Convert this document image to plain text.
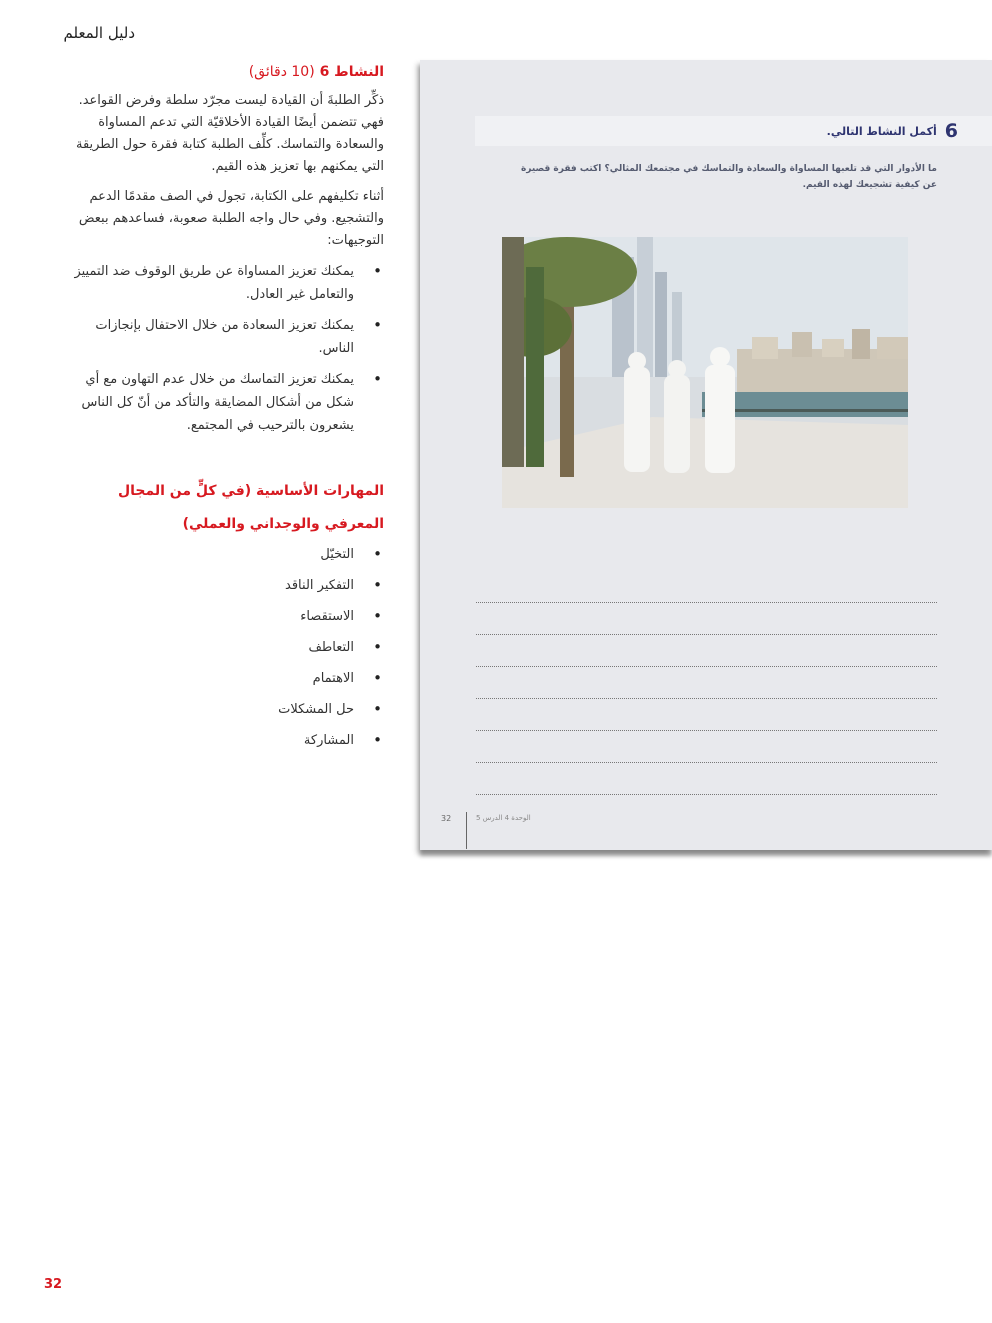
دليل المعلم

النشاط 6 (10 دقائق)

ذكِّر الطلبةَ أن القيادة ليست مجرّد سلطة وفرض القواعد. فهي تتضمن أيضًا القيادة الأخلاقيّة التي تدعم المساواة والسعادة والتماسك. كلِّف الطلبة كتابة فقرة حول الطريقة التي يمكنهم بها تعزيز هذه القيم.

أثناء تكليفهم على الكتابة، تجول في الصف مقدمًا الدعم والتشجيع. وفي حال واجه الطلبة صعوبة، فساعدهم ببعض التوجيهات:

• يمكنك تعزيز المساواة عن طريق الوقوف ضد التمييز والتعامل غير العادل.
• يمكنك تعزيز السعادة من خلال الاحتفال بإنجازات الناس.
• يمكنك تعزيز التماسك من خلال عدم التهاون مع أي شكل من أشكال المضايقة والتأكد من أنّ كل الناس يشعرون بالترحيب في المجتمع.
المهارات الأساسية (في كلٍّ من المجال المعرفي والوجداني والعملي)
• التخيّل
• التفكير الناقد
• الاستقصاء
• التعاطف
• الاهتمام
• حل المشكلات
• المشاركة
6
أكمل النشاط التالي.
ما الأدوار التي قد تلعبها المساواة والسعادة والتماسك في مجتمعك المثالي؟ اكتب فقرة قصيرة عن كيفية تشجيعك لهذه القيم.
32	الوحدة 4 الدرس 5
32
